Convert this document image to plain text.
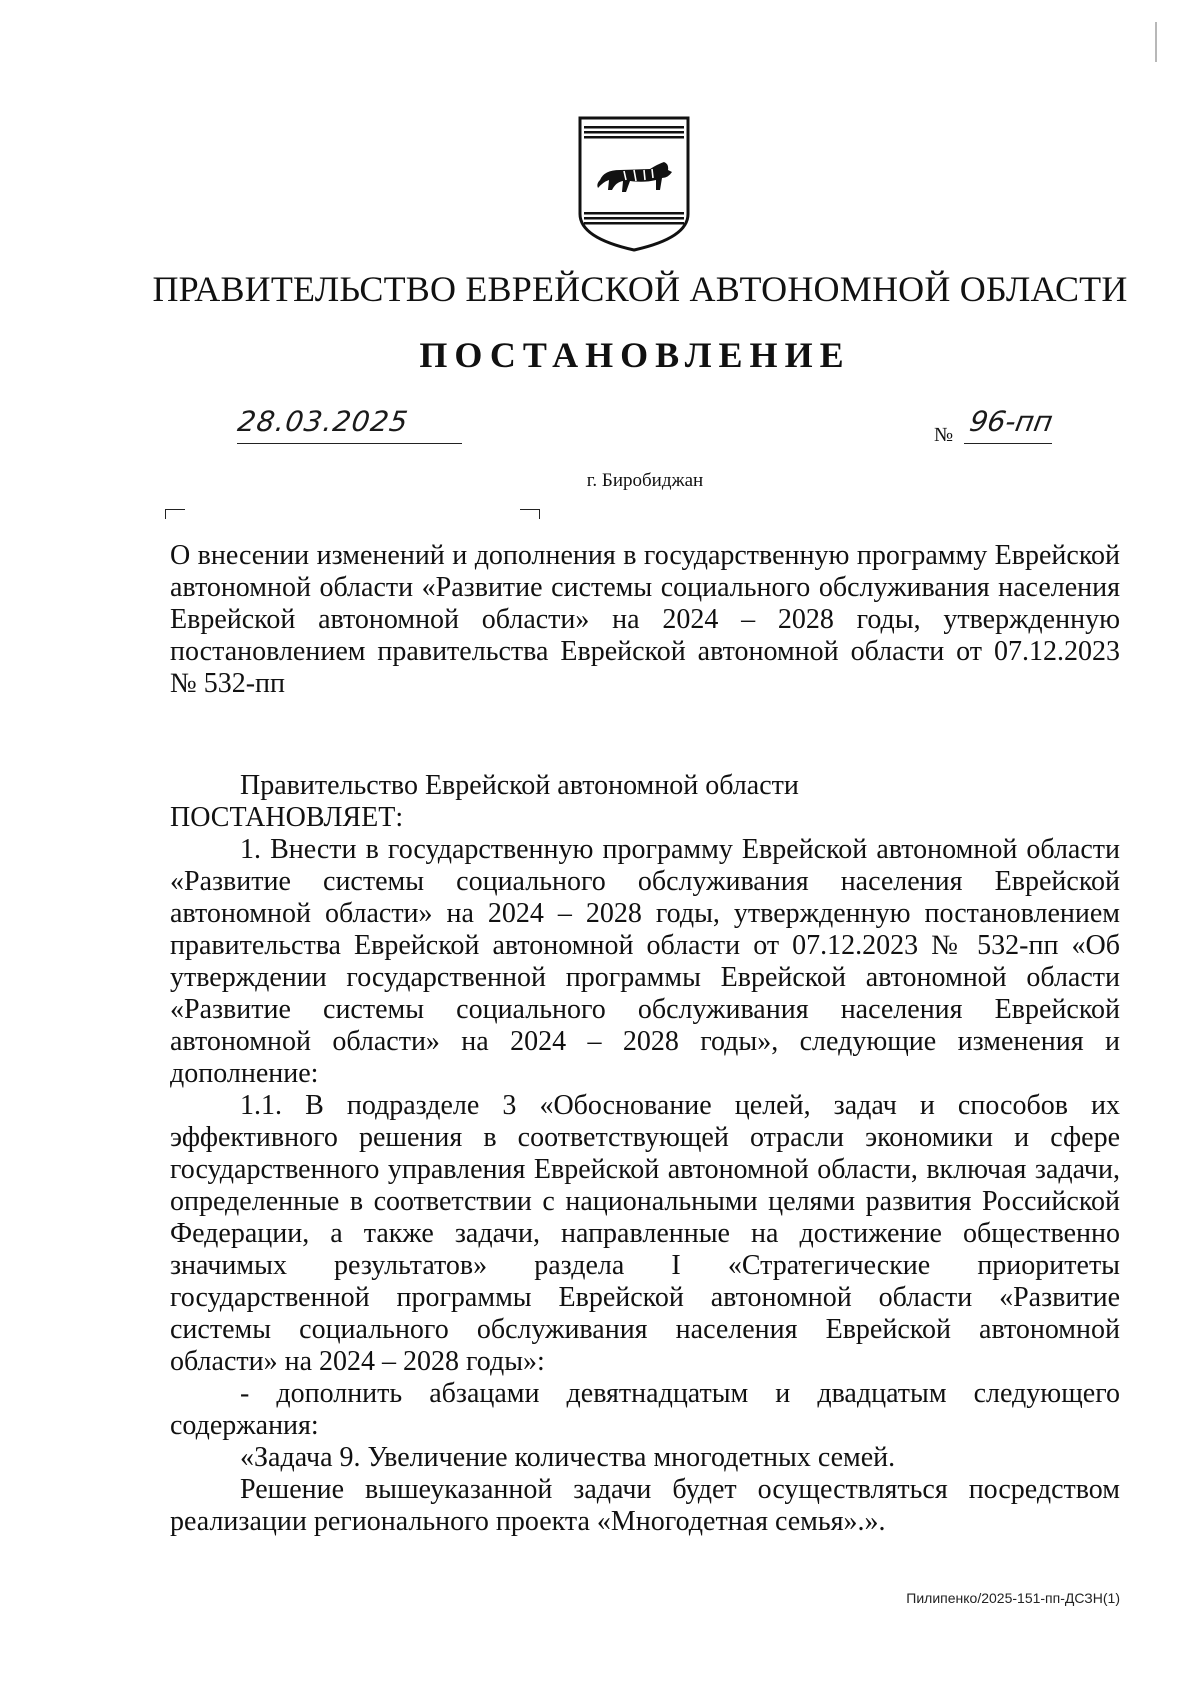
ПРАВИТЕЛЬСТВО ЕВРЕЙСКОЙ АВТОНОМНОЙ ОБЛАСТИ
ПОСТАНОВЛЕНИЕ
28.03.2025	№ 96-пп
г. Биробиджан
О внесении изменений и дополнения в государственную программу Еврейской автономной области «Развитие системы социального обслуживания населения Еврейской автономной области» на 2024 – 2028 годы, утвержденную постановлением правительства Еврейской автономной области от 07.12.2023 № 532-пп

Правительство Еврейской автономной области

ПОСТАНОВЛЯЕТ:

1. Внести в государственную программу Еврейской автономной области «Развитие системы социального обслуживания населения Еврейской автономной области» на 2024 – 2028 годы, утвержденную постановлением правительства Еврейской автономной области от 07.12.2023 № 532-пп «Об утверждении государственной программы Еврейской автономной области «Развитие системы социального обслуживания населения Еврейской автономной области» на 2024 – 2028 годы», следующие изменения и дополнение:

1.1. В подразделе 3 «Обоснование целей, задач и способов их эффективного решения в соответствующей отрасли экономики и сфере государственного управления Еврейской автономной области, включая задачи, определенные в соответствии с национальными целями развития Российской Федерации, а также задачи, направленные на достижение общественно значимых результатов» раздела I «Стратегические приоритеты государственной программы Еврейской автономной области «Развитие системы социального обслуживания населения Еврейской автономной области» на 2024 – 2028 годы»:

- дополнить абзацами девятнадцатым и двадцатым следующего содержания:

«Задача 9. Увеличение количества многодетных семей.

Решение вышеуказанной задачи будет осуществляться посредством реализации регионального проекта «Многодетная семья».».

Пилипенко/2025-151-пп-ДСЗН(1)
